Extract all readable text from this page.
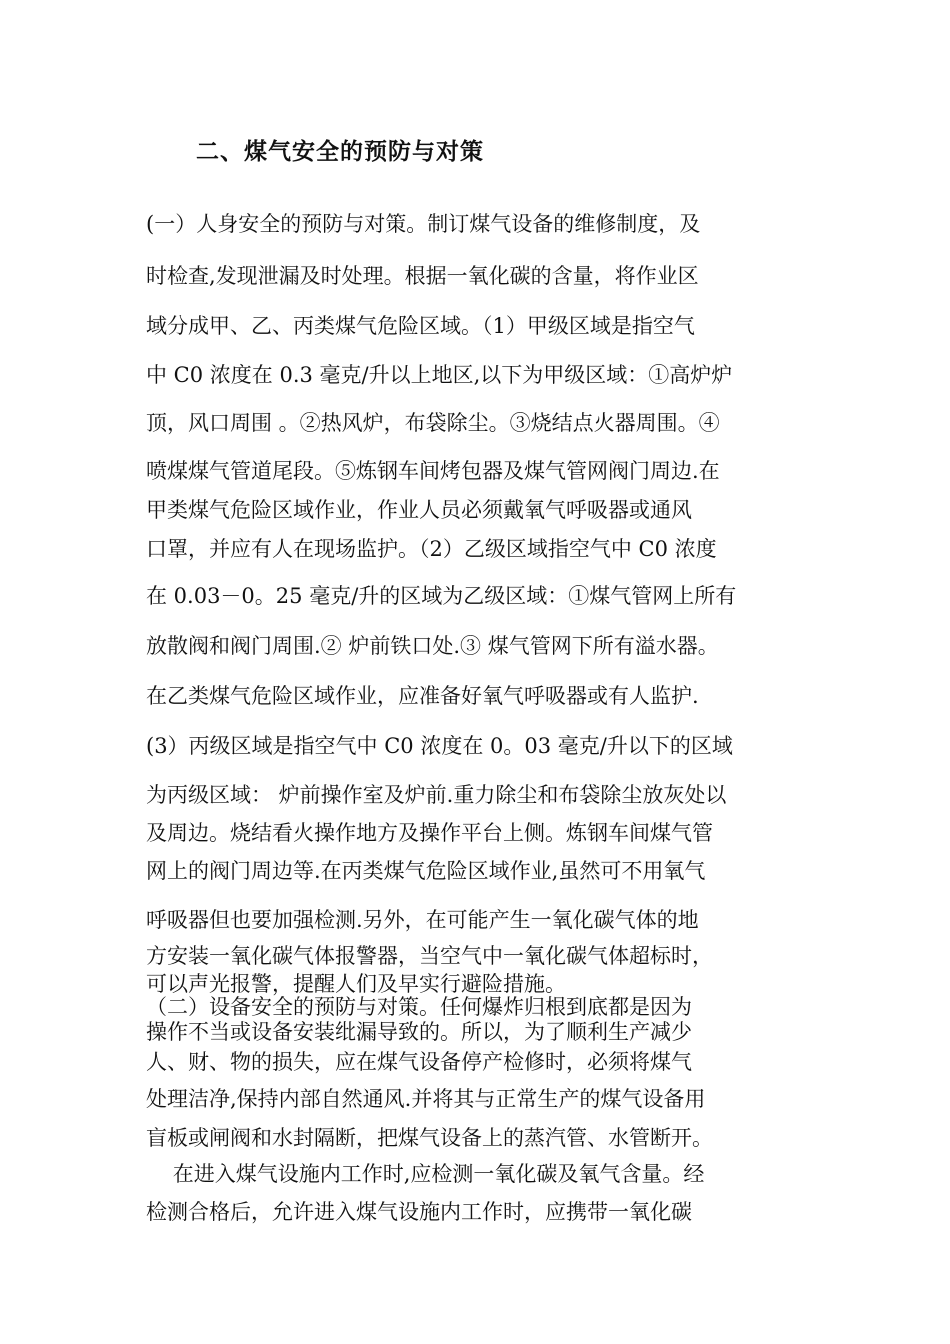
二、煤气安全的预防与对策

(一）人身安全的预防与对策。制订煤气设备的维修制度，及

时检查,发现泄漏及时处理。根据一氧化碳的含量，将作业区

域分成甲、乙、丙类煤气危险区域。（1）甲级区域是指空气

中 C0 浓度在 0.3 毫克/升以上地区,以下为甲级区域：①高炉炉

顶，风口周围 。②热风炉，布袋除尘。③烧结点火器周围。④

喷煤煤气管道尾段。⑤炼钢车间烤包器及煤气管网阀门周边.在

甲类煤气危险区域作业，作业人员必须戴氧气呼吸器或通风

口罩，并应有人在现场监护。（2）乙级区域指空气中 C0 浓度

在 0.03－0。25 毫克/升的区域为乙级区域：①煤气管网上所有

放散阀和阀门周围.② 炉前铁口处.③ 煤气管网下所有溢水器。

在乙类煤气危险区域作业，应准备好氧气呼吸器或有人监护.

(3）丙级区域是指空气中 C0 浓度在 0。03 毫克/升以下的区域

为丙级区域： 炉前操作室及炉前.重力除尘和布袋除尘放灰处以

及周边。烧结看火操作地方及操作平台上侧。炼钢车间煤气管

网上的阀门周边等.在丙类煤气危险区域作业,虽然可不用氧气

呼吸器但也要加强检测.另外，在可能产生一氧化碳气体的地

方安装一氧化碳气体报警器，当空气中一氧化碳气体超标时，

可以声光报警，提醒人们及早实行避险措施。

（二）设备安全的预防与对策。任何爆炸归根到底都是因为

操作不当或设备安装纰漏导致的。所以，为了顺利生产减少

人、财、物的损失，应在煤气设备停产检修时，必须将煤气

处理洁净,保持内部自然通风.并将其与正常生产的煤气设备用

盲板或闸阀和水封隔断，把煤气设备上的蒸汽管、水管断开。

在进入煤气设施内工作时,应检测一氧化碳及氧气含量。经

检测合格后，允许进入煤气设施内工作时，应携带一氧化碳
